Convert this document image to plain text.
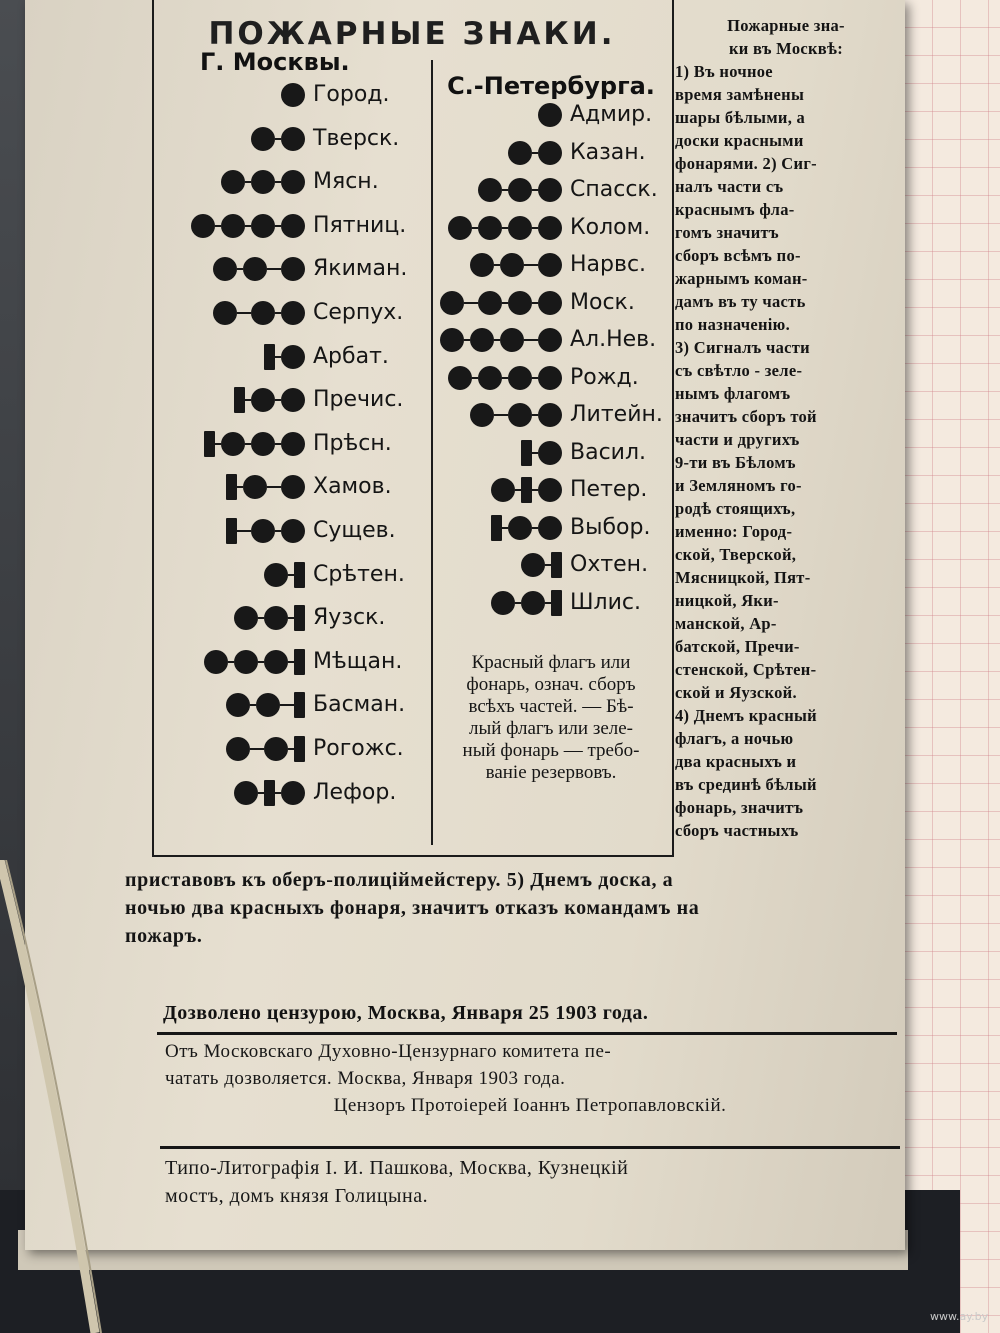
ПОЖАРНЫЕ ЗНАКИ.
Г. Москвы.
С.-Петербурга.
Город.
Тверск.
Мясн.
Пятниц.
Якиман.
Серпух.
Арбат.
Пречис.
Прѣсн.
Хамов.
Сущев.
Срѣтен.
Яузск.
Мѣщан.
Басман.
Рогожс.
Лефор.
Адмир.
Казан.
Спасск.
Колом.
Нарвс.
Моск.
Ал.Нев.
Рожд.
Литейн.
Васил.
Петер.
Выбор.
Охтен.
Шлис.

Красный флагъ или

фонарь, означ. сборъ

всѣхъ частей. — Бѣ-

лый флагъ или зеле-

ный фонарь — требо-

ваніе резервовъ.

Пожарные зна-

ки въ Москвѣ:

1) Въ ночное

время замѣнены

шары бѣлыми, а

доски красными

фонарями. 2) Сиг-

налъ части съ

краснымъ фла-

гомъ значитъ

сборъ всѣмъ по-

жарнымъ коман-

дамъ въ ту часть

по назначенію.

3) Сигналъ части

съ свѣтло - зеле-

нымъ флагомъ

значитъ сборъ той

части и другихъ

9-ти въ Бѣломъ

и Земляномъ го-

родѣ стоящихъ,

именно: Город-

ской, Тверской,

Мясницкой, Пят-

ницкой, Яки-

манской, Ар-

батской, Пречи-

стенской, Срѣтен-

ской и Яузской.

4) Днемъ красный

флагъ, а ночью

два красныхъ и

въ срединѣ бѣлый

фонарь, значитъ

сборъ частныхъ

приставовъ къ оберъ-полицiймейстеру. 5) Днемъ доска, а

ночью два красныхъ фонаря, значитъ отказъ командамъ на

пожаръ.

Дозволено цензурою, Москва, Января 25 1903 года.

Отъ Московскаго Духовно-Цензурнаго комитета пе-

чатать дозволяется. Москва, Января 1903 года.

Цензоръ Протоіерей Іоаннъ Петропавловскій.

Типо-Литографія І. И. Пашкова, Москва, Кузнецкій

мостъ, домъ князя Голицына.

www.ay.by
